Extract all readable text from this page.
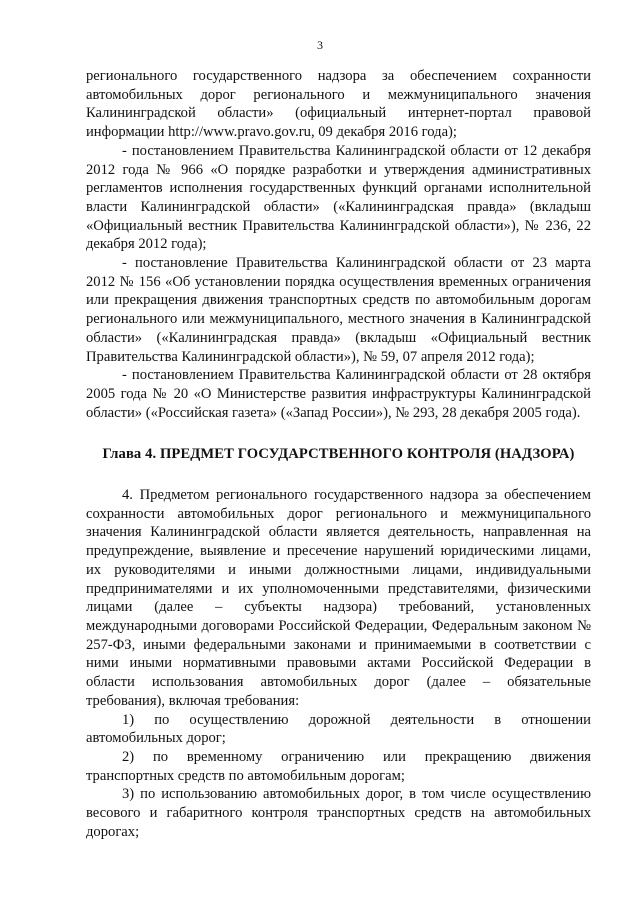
3

регионального государственного надзора за обеспечением сохранности автомобильных дорог регионального и межмуниципального значения Калининградской области» (официальный интернет-портал правовой информации http://www.pravo.gov.ru, 09 декабря 2016 года);

- постановлением Правительства Калининградской области от 12 декабря 2012 года № 966 «О порядке разработки и утверждения административных регламентов исполнения государственных функций органами исполнительной власти Калининградской области» («Калининградская правда» (вкладыш «Официальный вестник Правительства Калининградской области»), № 236, 22 декабря 2012 года);

- постановление Правительства Калининградской области от 23 марта 2012 № 156 «Об установлении порядка осуществления временных ограничения или прекращения движения транспортных средств по автомобильным дорогам регионального или межмуниципального, местного значения в Калининградской области» («Калининградская правда» (вкладыш «Официальный вестник Правительства Калининградской области»), № 59, 07 апреля 2012 года);

- постановлением Правительства Калининградской области от 28 октября 2005 года № 20 «О Министерстве развития инфраструктуры Калининградской области» («Российская газета» («Запад России»), № 293, 28 декабря 2005 года).

Глава 4. ПРЕДМЕТ ГОСУДАРСТВЕННОГО КОНТРОЛЯ (НАДЗОРА)

4. Предметом регионального государственного надзора за обеспечением сохранности автомобильных дорог регионального и межмуниципального значения Калининградской области является деятельность, направленная на предупреждение, выявление и пресечение нарушений юридическими лицами, их руководителями и иными должностными лицами, индивидуальными предпринимателями и их уполномоченными представителями, физическими лицами (далее – субъекты надзора) требований, установленных международными договорами Российской Федерации, Федеральным законом № 257-ФЗ, иными федеральными законами и принимаемыми в соответствии с ними иными нормативными правовыми актами Российской Федерации в области использования автомобильных дорог (далее – обязательные требования), включая требования:

1) по осуществлению дорожной деятельности в отношении автомобильных дорог;

2) по временному ограничению или прекращению движения транспортных средств по автомобильным дорогам;

3) по использованию автомобильных дорог, в том числе осуществлению весового и габаритного контроля транспортных средств на автомобильных дорогах;
